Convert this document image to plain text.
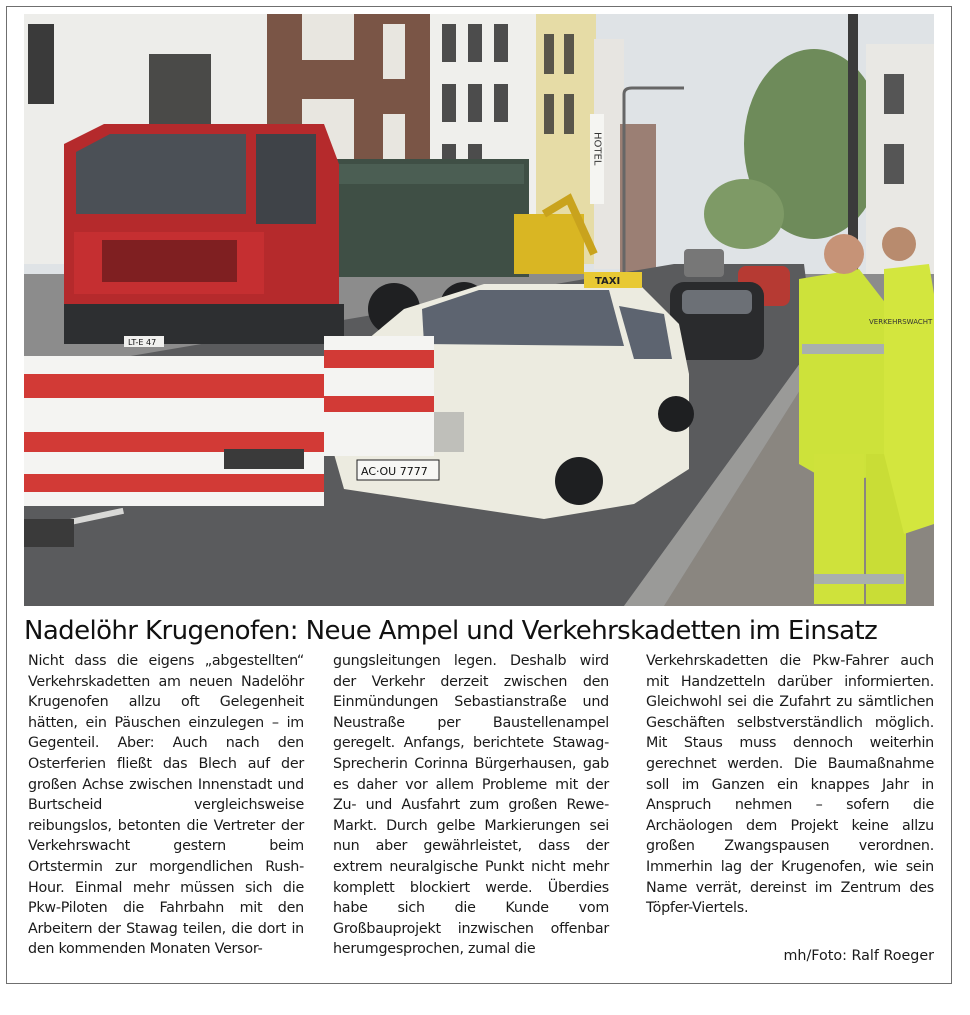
HOTEL
LT-E 47
TAXI
AC·OU 7777
VERKEHRSWACHT
Nadelöhr Krugenofen: Neue Ampel und Verkehrskadetten im Einsatz

Nicht dass die eigens „abgestellten“ Verkehrskadetten am neuen Nadelöhr Krugenofen allzu oft Gelegenheit hätten, ein Päuschen einzulegen – im Gegenteil. Aber: Auch nach den Osterferien fließt das Blech auf der großen Achse zwischen Innenstadt und Burtscheid vergleichsweise reibungslos, betonten die Vertreter der Verkehrswacht gestern beim Ortstermin zur morgendlichen Rush-Hour. Einmal mehr müssen sich die Pkw-Piloten die Fahrbahn mit den Arbeitern der Stawag teilen, die dort in den kommenden Monaten Versor-

gungsleitungen legen. Deshalb wird der Verkehr derzeit zwischen den Einmündungen Sebastianstraße und Neustraße per Baustellenampel geregelt. Anfangs, berichtete Stawag-Sprecherin Corinna Bürgerhausen, gab es daher vor allem Probleme mit der Zu- und Ausfahrt zum großen Rewe-Markt. Durch gelbe Markierungen sei nun aber gewährleistet, dass der extrem neuralgische Punkt nicht mehr komplett blockiert werde. Überdies habe sich die Kunde vom Großbauprojekt inzwischen offenbar herumgesprochen, zumal die

Verkehrskadetten die Pkw-Fahrer auch mit Handzetteln darüber informierten. Gleichwohl sei die Zufahrt zu sämtlichen Geschäften selbstverständlich möglich. Mit Staus muss dennoch weiterhin gerechnet werden. Die Baumaßnahme soll im Ganzen ein knappes Jahr in Anspruch nehmen – sofern die Archäologen dem Projekt keine allzu großen Zwangspausen verordnen. Immerhin lag der Krugenofen, wie sein Name verrät, dereinst im Zentrum des Töpfer-Viertels.

mh/Foto: Ralf Roeger
